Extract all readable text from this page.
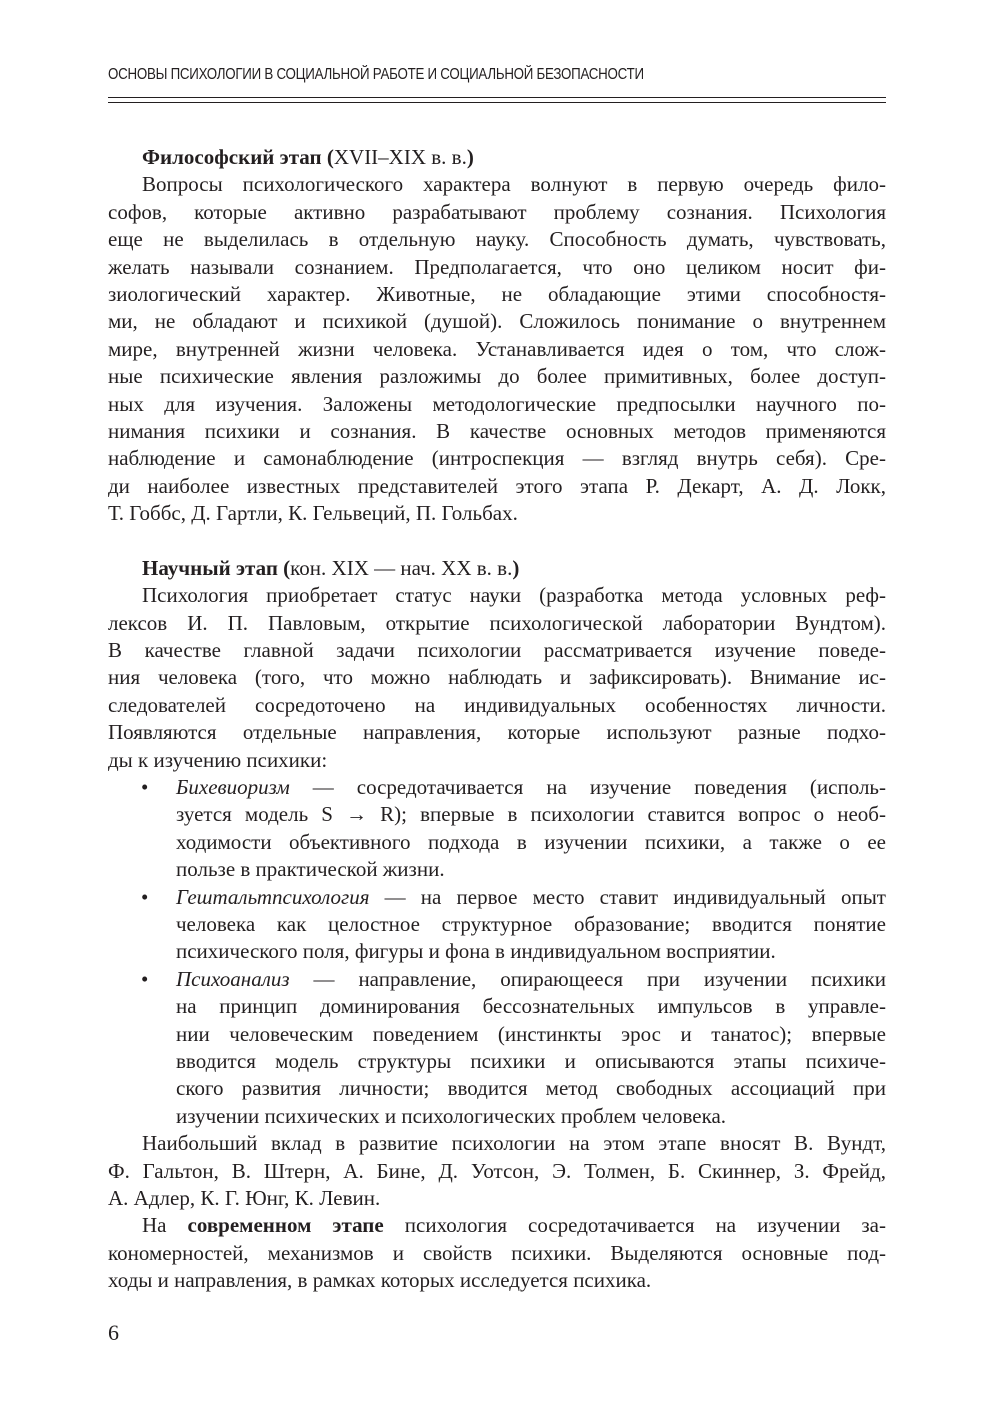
ОСНОВЫ ПСИХОЛОГИИ В СОЦИАЛЬНОЙ РАБОТЕ И СОЦИАЛЬНОЙ БЕЗОПАСНОСТИ
Философский этап (XVII–XIX в. в.)
Вопросы психологического характера волнуют в первую очередь фило-
софов, которые активно разрабатывают проблему сознания. Психология
еще не выделилась в отдельную науку. Способность думать, чувствовать,
желать называли сознанием. Предполагается, что оно целиком носит фи-
зиологический характер. Животные, не обладающие этими способностя-
ми, не обладают и психикой (душой). Сложилось понимание о внутреннем
мире, внутренней жизни человека. Устанавливается идея о том, что слож-
ные психические явления разложимы до более примитивных, более доступ-
ных для изучения. Заложены методологические предпосылки научного по-
нимания психики и сознания. В качестве основных методов применяются
наблюдение и самонаблюдение (интроспекция — взгляд внутрь себя). Сре-
ди наиболее известных представителей этого этапа Р. Декарт, А. Д. Локк,
Т. Гоббс, Д. Гартли, К. Гельвеций, П. Гольбах.
Научный этап (кон. XIX — нач. XX в. в.)
Психология приобретает статус науки (разработка метода условных реф-
лексов И. П. Павловым, открытие психологической лаборатории Вундтом).
В качестве главной задачи психологии рассматривается изучение поведе-
ния человека (того, что можно наблюдать и зафиксировать). Внимание ис-
следователей сосредоточено на индивидуальных особенностях личности.
Появляются отдельные направления, которые используют разные подхо-
ды к изучению психики:
• Бихевиоризм — сосредотачивается на изучение поведения (исполь-
зуется модель S → R); впервые в психологии ставится вопрос о необ-
ходимости объективного подхода в изучении психики, а также о ее
пользе в практической жизни.
• Гештальтпсихология — на первое место ставит индивидуальный опыт
человека как целостное структурное образование; вводится понятие
психического поля, фигуры и фона в индивидуальном восприятии.
• Психоанализ — направление, опирающееся при изучении психики
на принцип доминирования бессознательных импульсов в управле-
нии человеческим поведением (инстинкты эрос и танатос); впервые
вводится модель структуры психики и описываются этапы психиче-
ского развития личности; вводится метод свободных ассоциаций при
изучении психических и психологических проблем человека.
Наибольший вклад в развитие психологии на этом этапе вносят В. Вундт,
Ф. Гальтон, В. Штерн, А. Бине, Д. Уотсон, Э. Толмен, Б. Скиннер, З. Фрейд,
А. Адлер, К. Г. Юнг, К. Левин.
На современном этапе психология сосредотачивается на изучении за-
кономерностей, механизмов и свойств психики. Выделяются основные под-
ходы и направления, в рамках которых исследуется психика.
6
